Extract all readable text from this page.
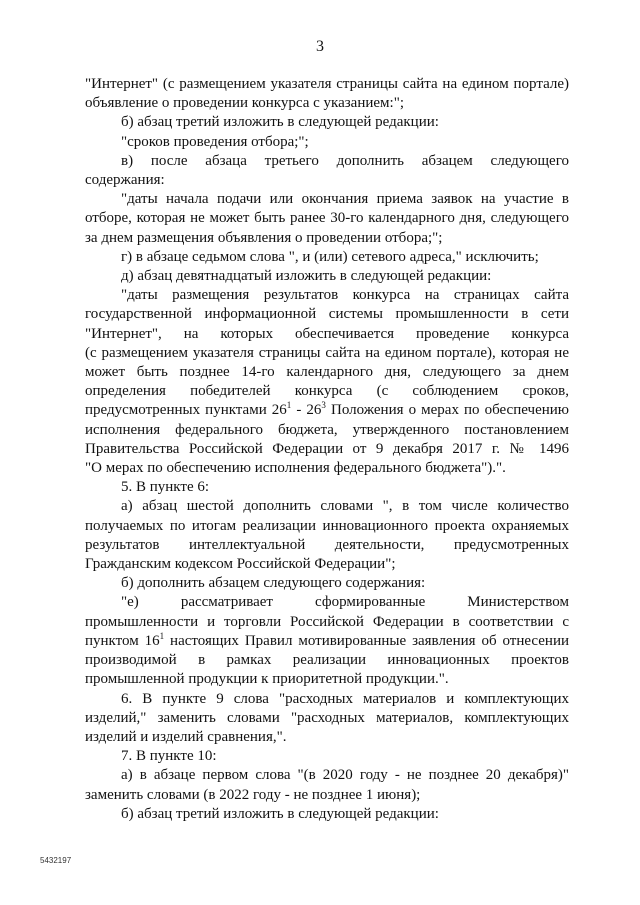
3
"Интернет" (с размещением указателя страницы сайта на едином портале)
объявление о проведении конкурса с указанием:";
б) абзац третий изложить в следующей редакции:
"сроков проведения отбора;";
в) после абзаца третьего дополнить абзацем следующего
содержания:
"даты начала подачи или окончания приема заявок на участие в
отборе, которая не может быть ранее 30-го календарного дня, следующего
за днем размещения объявления о проведении отбора;";
г) в абзаце седьмом слова ", и (или) сетевого адреса," исключить;
д) абзац девятнадцатый изложить в следующей редакции:
"даты размещения результатов конкурса на страницах сайта
государственной информационной системы промышленности в сети
"Интернет", на которых обеспечивается проведение конкурса
(с размещением указателя страницы сайта на едином портале), которая не
может быть позднее 14-го календарного дня, следующего за днем
определения победителей конкурса (с соблюдением сроков,
предусмотренных пунктами $26^1 - 26^3$ Положения о мерах по обеспечению
исполнения федерального бюджета, утвержденного постановлением
Правительства Российской Федерации от 9 декабря 2017 г. № 1496
"О мерах по обеспечению исполнения федерального бюджета").".
5. В пункте 6:
а) абзац шестой дополнить словами ", в том числе количество
получаемых по итогам реализации инновационного проекта охраняемых
результатов интеллектуальной деятельности, предусмотренных
Гражданским кодексом Российской Федерации";
б) дополнить абзацем следующего содержания:
"е) рассматривает сформированные Министерством
промышленности и торговли Российской Федерации в соответствии с
пунктом $16^1$ настоящих Правил мотивированные заявления об отнесении
производимой в рамках реализации инновационных проектов
промышленной продукции к приоритетной продукции.".
6. В пункте 9 слова "расходных материалов и комплектующих
изделий," заменить словами "расходных материалов, комплектующих
изделий и изделий сравнения,".
7. В пункте 10:
а) в абзаце первом слова "(в 2020 году - не позднее 20 декабря)"
заменить словами (в 2022 году - не позднее 1 июня);
б) абзац третий изложить в следующей редакции:
5432197
